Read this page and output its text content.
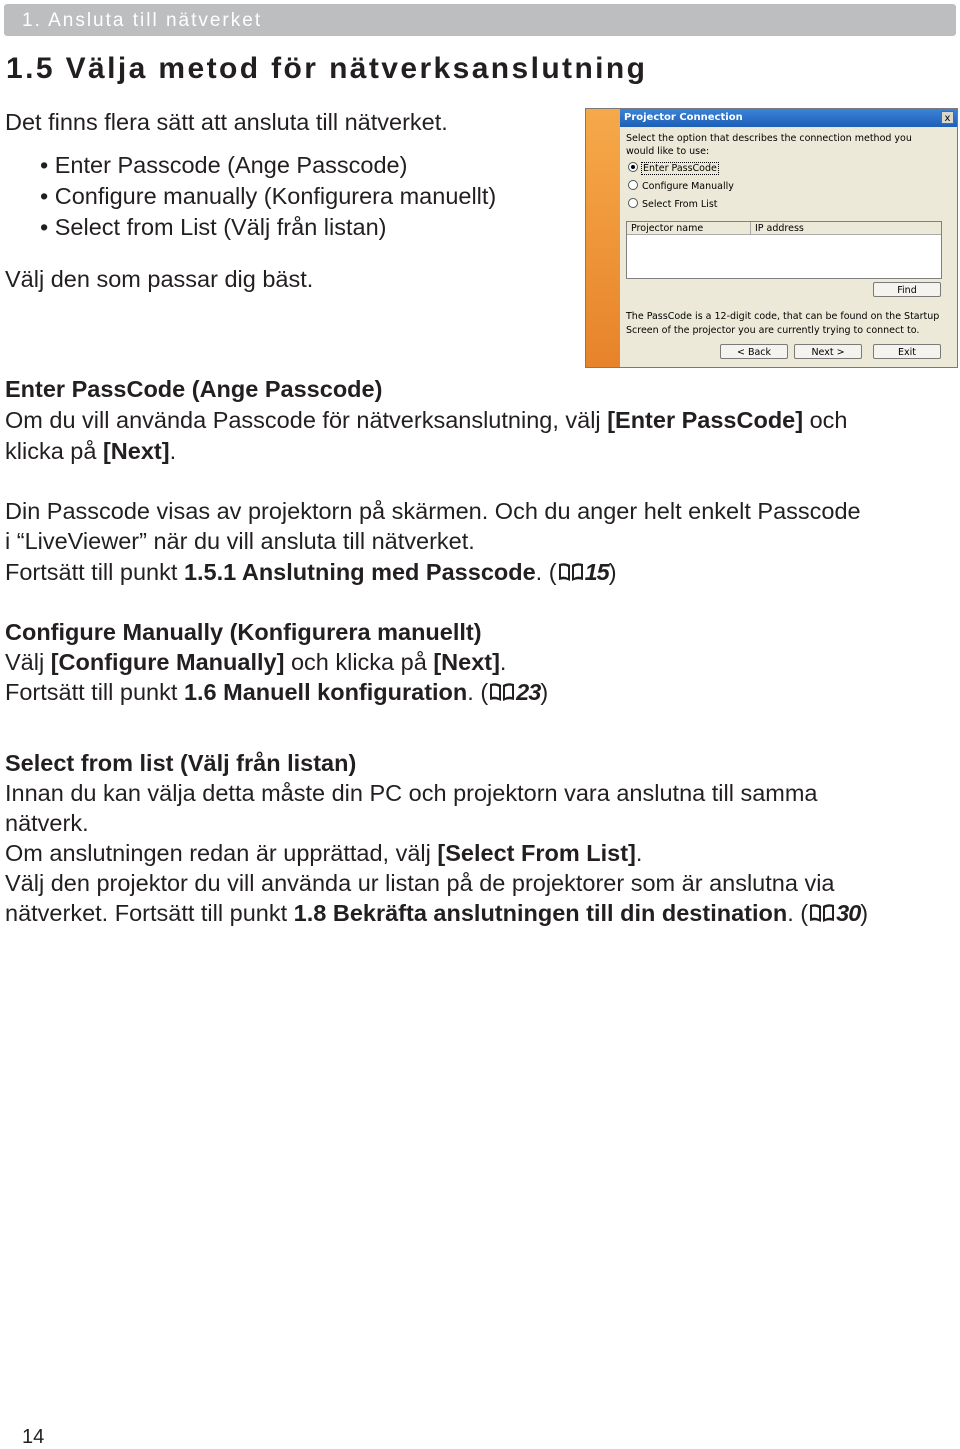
1. Ansluta till nätverket
1.5 Välja metod för nätverksanslutning
Det finns flera sätt att ansluta till nätverket.
• Enter Passcode (Ange Passcode)
• Configure manually (Konfigurera manuellt)
• Select from List (Välj från listan)
Välj den som passar dig bäst.
Projector Connection	x
Select the option that describes the connection method you would like to use:
Enter PassCode
Configure Manually
Select From List
Projector name	IP address
Find
The PassCode is a 12-digit code, that can be found on the Startup Screen of the projector you are currently trying to connect to.
< Back	Next >	Exit
Enter PassCode (Ange Passcode)
Om du vill använda Passcode för nätverksanslutning, välj [Enter PassCode] och
klicka på [Next].
Din Passcode visas av projektorn på skärmen. Och du anger helt enkelt Passcode
i “LiveViewer” när du vill ansluta till nätverket.
Fortsätt till punkt 1.5.1 Anslutning med Passcode. ( 15)
Configure Manually (Konfigurera manuellt)
Välj [Configure Manually] och klicka på [Next].
Fortsätt till punkt 1.6 Manuell konfiguration. ( 23)
Select from list (Välj från listan)
Innan du kan välja detta måste din PC och projektorn vara anslutna till samma
nätverk.
Om anslutningen redan är upprättad, välj [Select From List].
Välj den projektor du vill använda ur listan på de projektorer som är anslutna via
nätverket. Fortsätt till punkt 1.8 Bekräfta anslutningen till din destination. ( 30)
14
